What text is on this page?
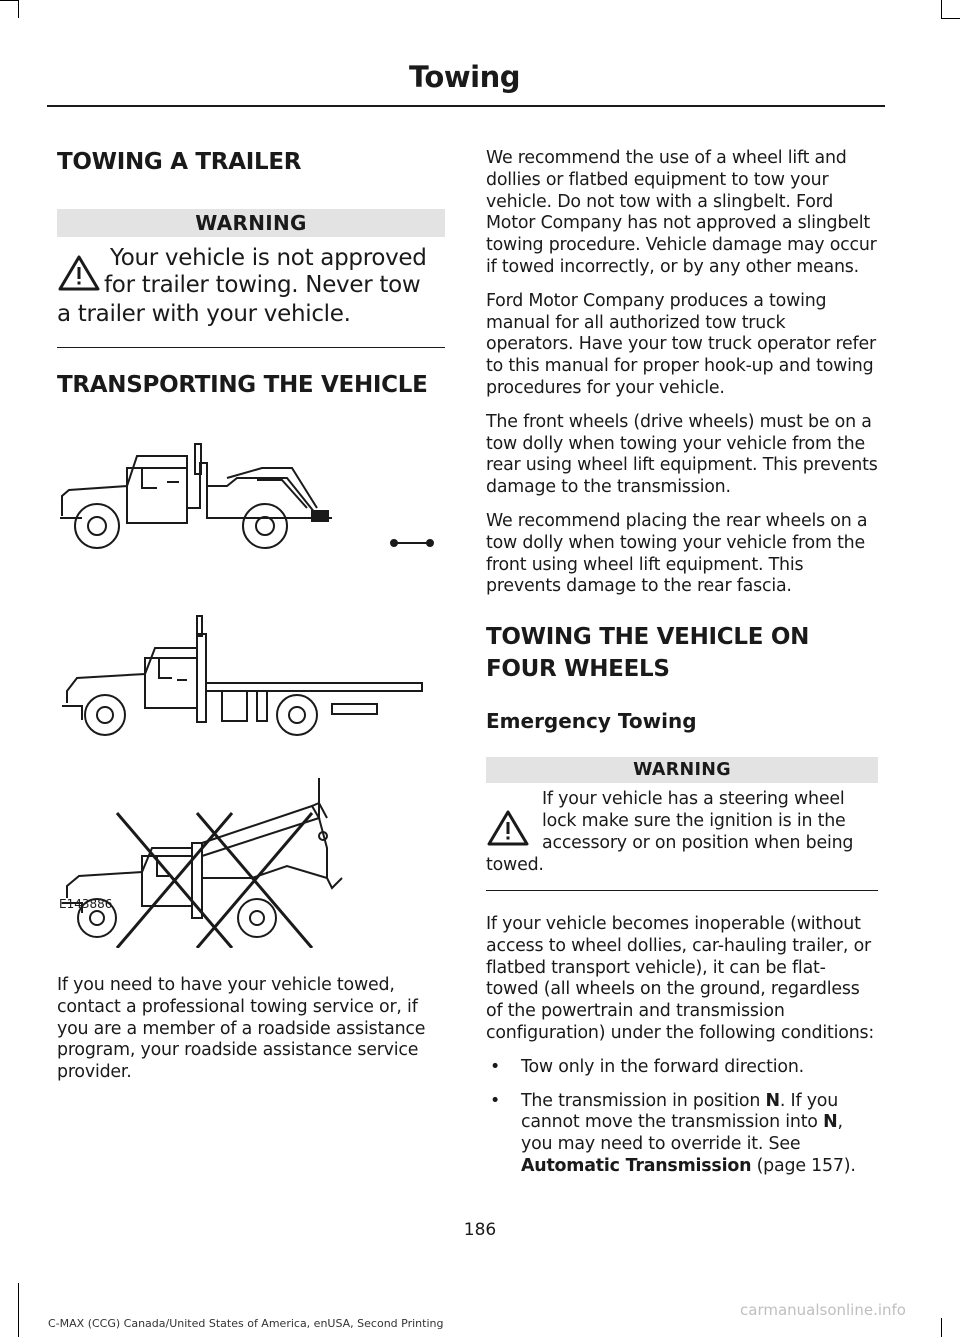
Towing
TOWING A TRAILER
WARNING
Your vehicle is not approved
for trailer towing. Never tow
a trailer with your vehicle.
TRANSPORTING THE VEHICLE
E143886

If you need to have your vehicle towed, contact a professional towing service or, if you are a member of a roadside assistance program, your roadside assistance service provider.

We recommend the use of a wheel lift and dollies or flatbed equipment to tow your vehicle. Do not tow with a slingbelt. Ford Motor Company has not approved a slingbelt towing procedure. Vehicle damage may occur if towed incorrectly, or by any other means.

Ford Motor Company produces a towing manual for all authorized tow truck operators. Have your tow truck operator refer to this manual for proper hook-up and towing procedures for your vehicle.

The front wheels (drive wheels) must be on a tow dolly when towing your vehicle from the rear using wheel lift equipment. This prevents damage to the transmission.

We recommend placing the rear wheels on a tow dolly when towing your vehicle from the front using wheel lift equipment. This prevents damage to the rear fascia.

TOWING THE VEHICLE ON
FOUR WHEELS
Emergency Towing
WARNING
If your vehicle has a steering wheel
lock make sure the ignition is in the
accessory or on position when being
towed.

If your vehicle becomes inoperable (without access to wheel dollies, car-hauling trailer, or flatbed transport vehicle), it can be flat-towed (all wheels on the ground, regardless of the powertrain and transmission configuration) under the following conditions:

• Tow only in the forward direction.
• The transmission in position N. If you cannot move the transmission into N, you may need to override it. See Automatic Transmission (page 157).
186
C-MAX (CCG) Canada/United States of America, enUSA, Second Printing
carmanualsonline.info
